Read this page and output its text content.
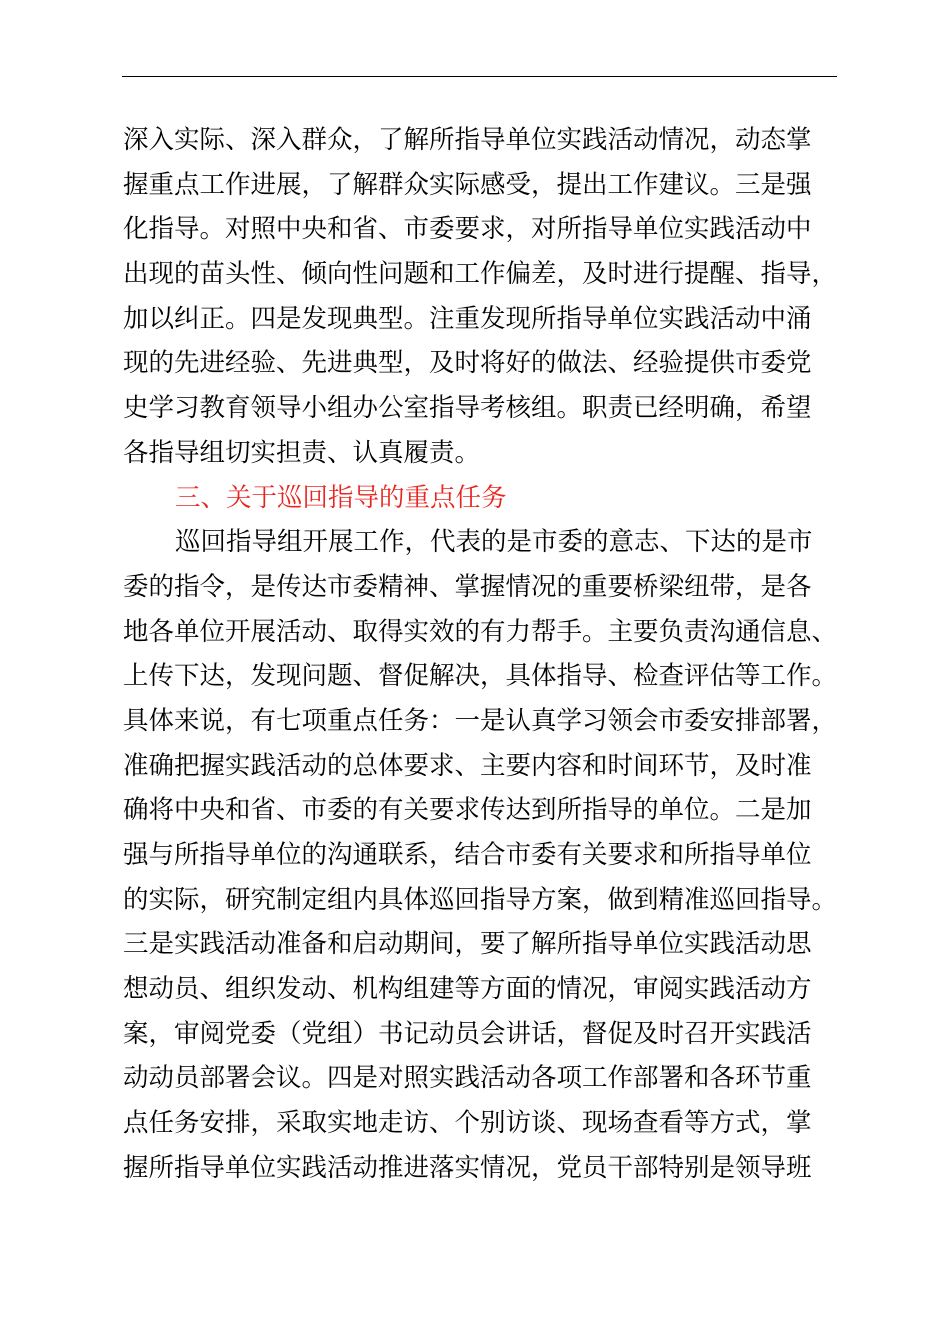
深入实际、深入群众，了解所指导单位实践活动情况，动态掌
握重点工作进展，了解群众实际感受，提出工作建议。三是强
化指导。对照中央和省、市委要求，对所指导单位实践活动中
出现的苗头性、倾向性问题和工作偏差，及时进行提醒、指导，
加以纠正。四是发现典型。注重发现所指导单位实践活动中涌
现的先进经验、先进典型，及时将好的做法、经验提供市委党
史学习教育领导小组办公室指导考核组。职责已经明确，希望
各指导组切实担责、认真履责。
三、关于巡回指导的重点任务
巡回指导组开展工作，代表的是市委的意志、下达的是市
委的指令，是传达市委精神、掌握情况的重要桥梁纽带，是各
地各单位开展活动、取得实效的有力帮手。主要负责沟通信息、
上传下达，发现问题、督促解决，具体指导、检查评估等工作。
具体来说，有七项重点任务：一是认真学习领会市委安排部署，
准确把握实践活动的总体要求、主要内容和时间环节，及时准
确将中央和省、市委的有关要求传达到所指导的单位。二是加
强与所指导单位的沟通联系，结合市委有关要求和所指导单位
的实际，研究制定组内具体巡回指导方案，做到精准巡回指导。
三是实践活动准备和启动期间，要了解所指导单位实践活动思
想动员、组织发动、机构组建等方面的情况，审阅实践活动方
案，审阅党委（党组）书记动员会讲话，督促及时召开实践活
动动员部署会议。四是对照实践活动各项工作部署和各环节重
点任务安排，采取实地走访、个别访谈、现场查看等方式，掌
握所指导单位实践活动推进落实情况，党员干部特别是领导班
